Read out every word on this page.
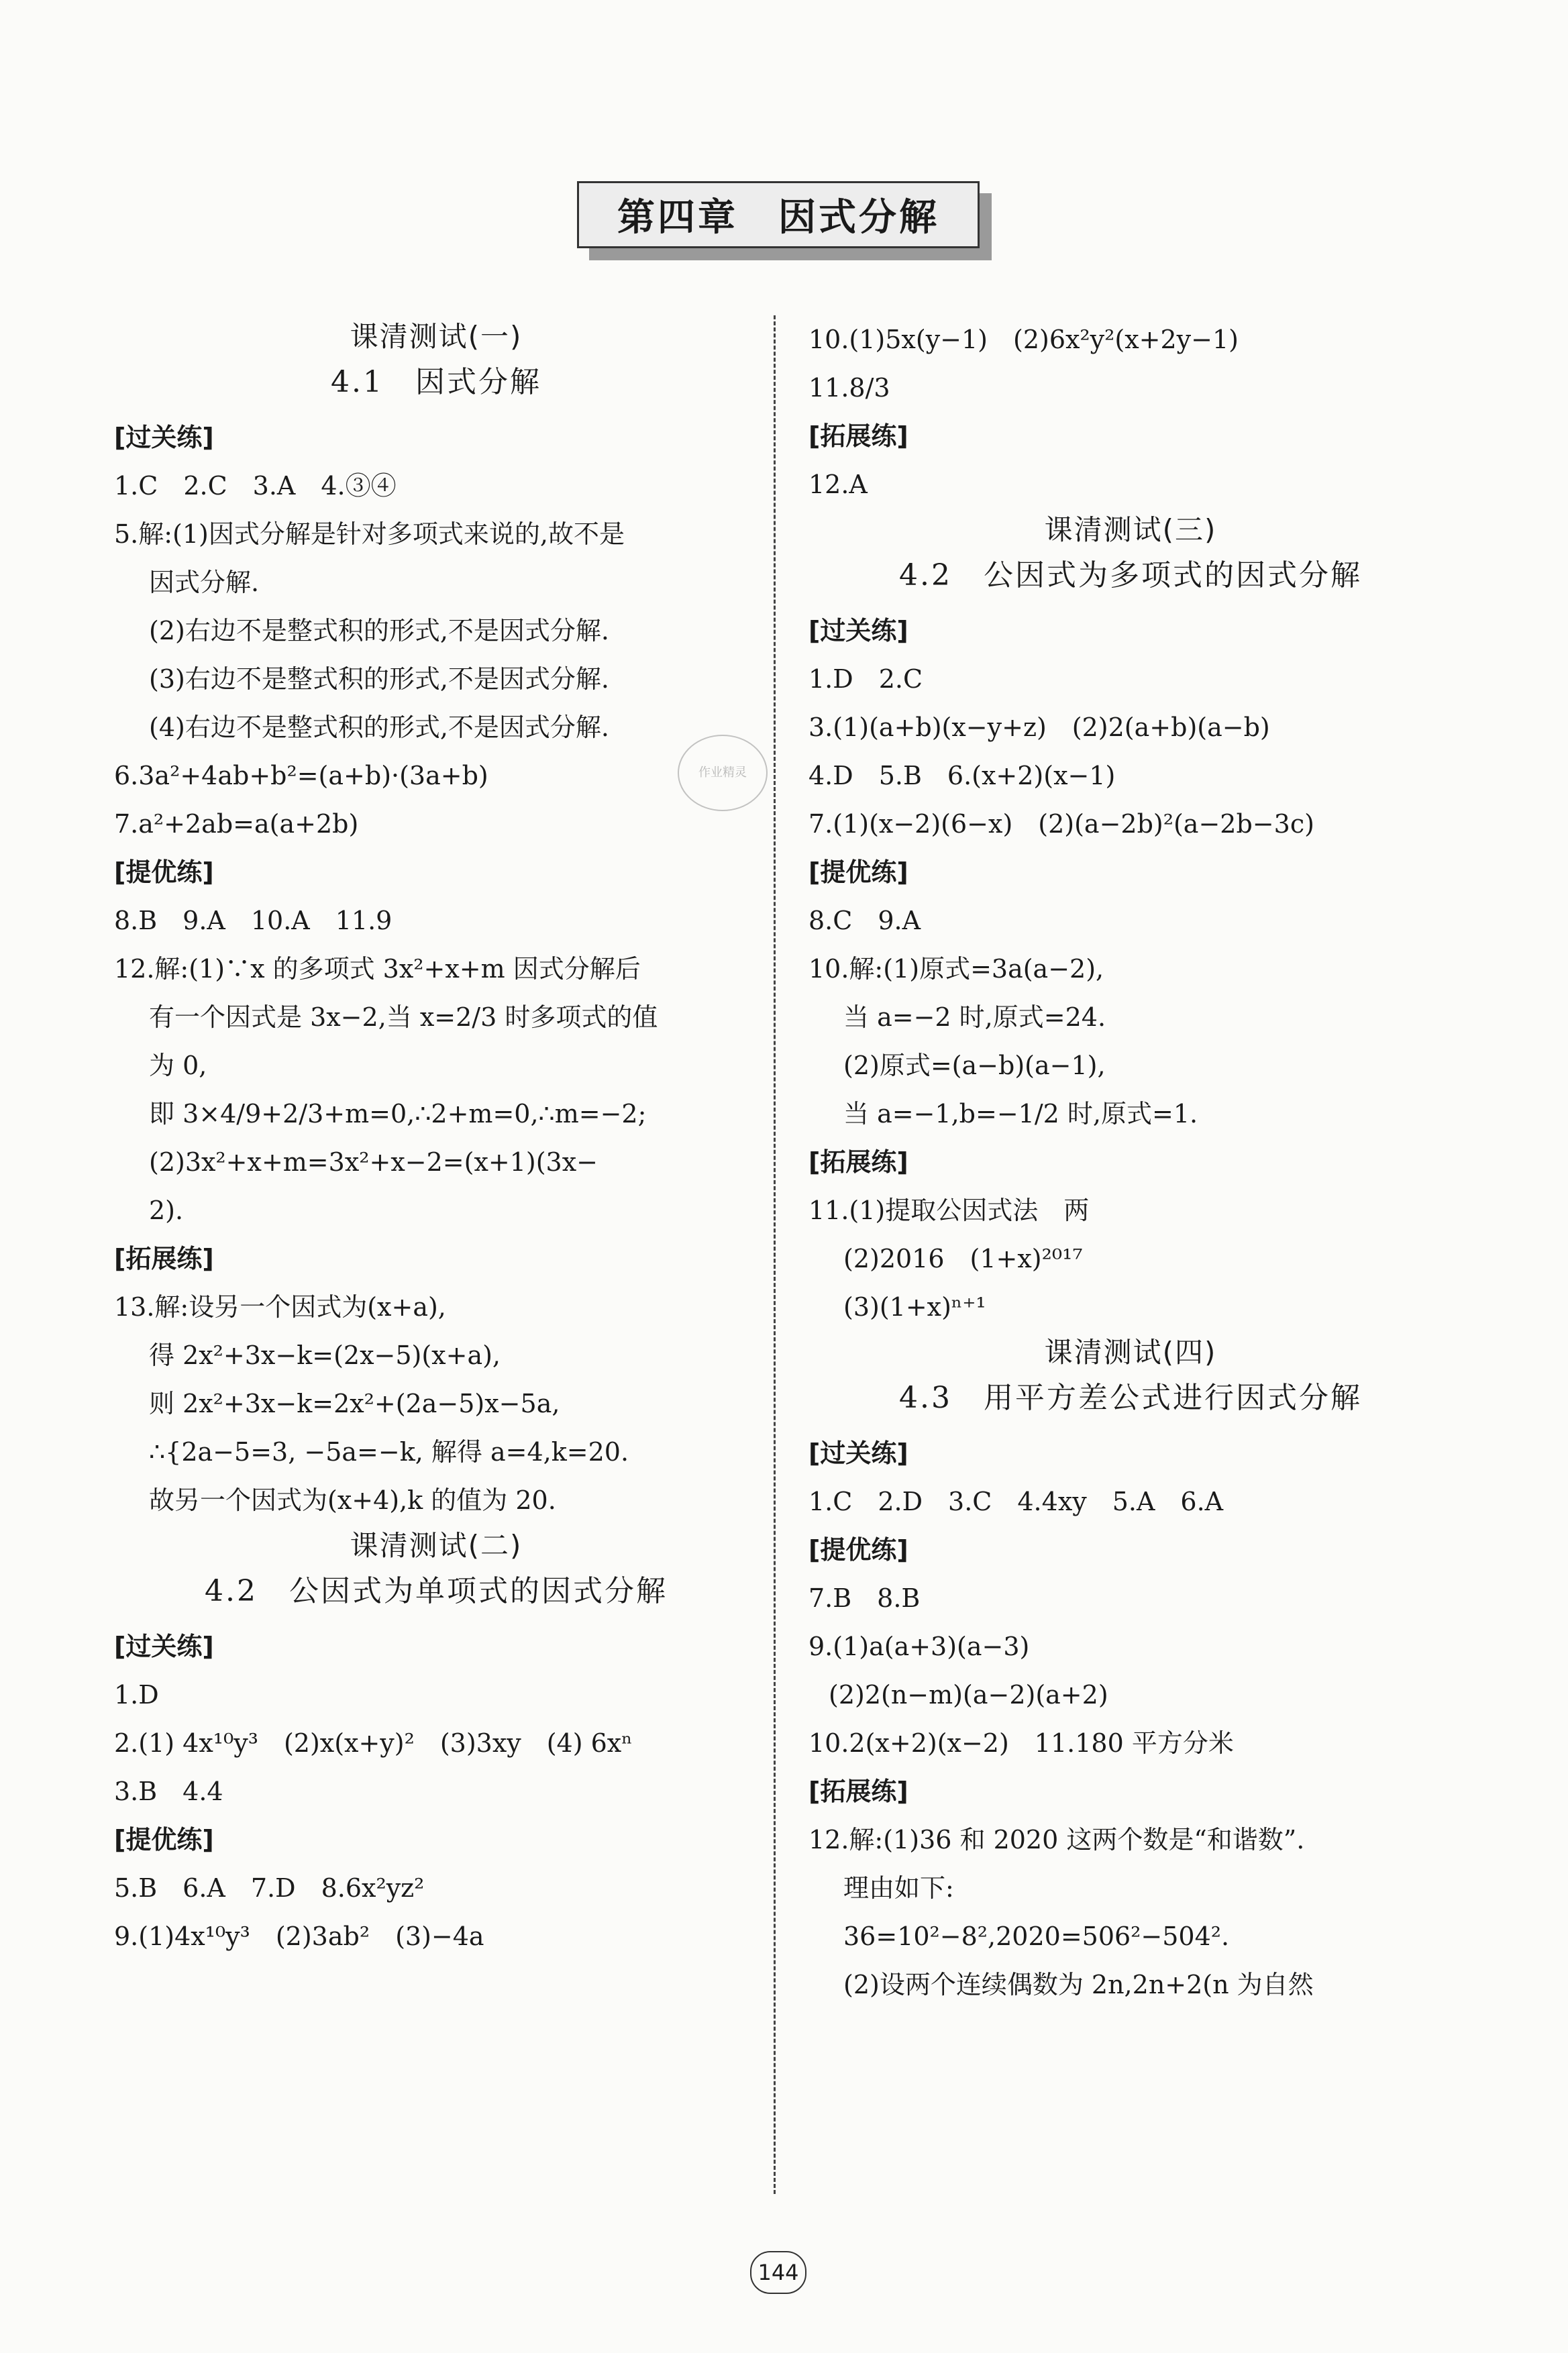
第四章　因式分解
课清测试(一)
4.1　因式分解
[过关练]
1.C　2.C　3.A　4.③④
5.解:(1)因式分解是针对多项式来说的,故不是
因式分解.
(2)右边不是整式积的形式,不是因式分解.
(3)右边不是整式积的形式,不是因式分解.
(4)右边不是整式积的形式,不是因式分解.
6.3a²+4ab+b²=(a+b)·(3a+b)
7.a²+2ab=a(a+2b)
[提优练]
8.B　9.A　10.A　11.9
12.解:(1)∵x 的多项式 3x²+x+m 因式分解后
有一个因式是 3x−2,当 x=2/3 时多项式的值
为 0,
即 3×4/9+2/3+m=0,∴2+m=0,∴m=−2;
(2)3x²+x+m=3x²+x−2=(x+1)(3x−
2).
[拓展练]
13.解:设另一个因式为(x+a),
得 2x²+3x−k=(2x−5)(x+a),
则 2x²+3x−k=2x²+(2a−5)x−5a,
∴{2a−5=3, −5a=−k, 解得 a=4,k=20.
故另一个因式为(x+4),k 的值为 20.
课清测试(二)
4.2　公因式为单项式的因式分解
[过关练]
1.D
2.(1) 4x¹⁰y³　(2)x(x+y)²　(3)3xy　(4) 6xⁿ
3.B　4.4
[提优练]
5.B　6.A　7.D　8.6x²yz²
9.(1)4x¹⁰y³　(2)3ab²　(3)−4a
10.(1)5x(y−1)　(2)6x²y²(x+2y−1)
11.8/3
[拓展练]
12.A
课清测试(三)
4.2　公因式为多项式的因式分解
[过关练]
1.D　2.C
3.(1)(a+b)(x−y+z)　(2)2(a+b)(a−b)
4.D　5.B　6.(x+2)(x−1)
7.(1)(x−2)(6−x)　(2)(a−2b)²(a−2b−3c)
[提优练]
8.C　9.A
10.解:(1)原式=3a(a−2),
当 a=−2 时,原式=24.
(2)原式=(a−b)(a−1),
当 a=−1,b=−1/2 时,原式=1.
[拓展练]
11.(1)提取公因式法　两
(2)2016　(1+x)²⁰¹⁷
(3)(1+x)ⁿ⁺¹
课清测试(四)
4.3　用平方差公式进行因式分解
[过关练]
1.C　2.D　3.C　4.4xy　5.A　6.A
[提优练]
7.B　8.B
9.(1)a(a+3)(a−3)
(2)2(n−m)(a−2)(a+2)
10.2(x+2)(x−2)　11.180 平方分米
[拓展练]
12.解:(1)36 和 2020 这两个数是“和谐数”.
理由如下:
36=10²−8²,2020=506²−504².
(2)设两个连续偶数为 2n,2n+2(n 为自然
作业精灵
144
